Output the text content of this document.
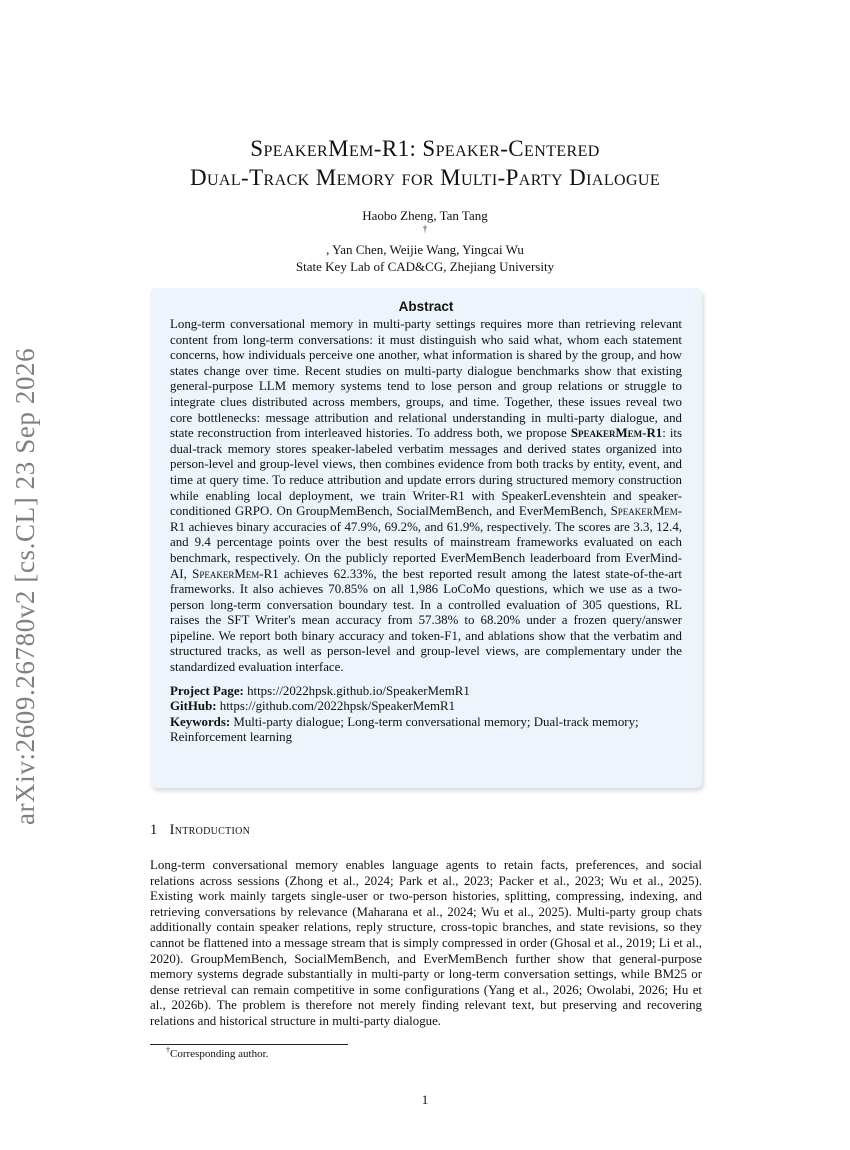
arXiv:2609.26780v2 [cs.CL] 23 Sep 2026
SpeakerMem-R1: Speaker-Centered
Dual-Track Memory for Multi-Party Dialogue
Haobo Zheng, Tan Tang
†
, Yan Chen, Weijie Wang, Yingcai Wu
State Key Lab of CAD&CG, Zhejiang University
Abstract
Long-term conversational memory in multi-party settings requires more than retrieving relevant content from long-term conversations: it must distinguish who said what, whom each statement concerns, how individuals perceive one another, what information is shared by the group, and how states change over time. Recent studies on multi-party dialogue benchmarks show that existing general-purpose LLM memory systems tend to lose person and group relations or struggle to integrate clues distributed across members, groups, and time. Together, these issues reveal two core bottlenecks: message attribution and relational understanding in multi-party dialogue, and state reconstruction from interleaved histories. To address both, we propose SpeakerMem-R1: its dual-track memory stores speaker-labeled verbatim messages and derived states organized into person-level and group-level views, then combines evidence from both tracks by entity, event, and time at query time. To reduce attribution and update errors during structured memory construction while enabling local deployment, we train Writer-R1 with SpeakerLevenshtein and speaker-conditioned GRPO. On GroupMemBench, SocialMemBench, and EverMemBench, SpeakerMem-R1 achieves binary accuracies of 47.9%, 69.2%, and 61.9%, respectively. The scores are 3.3, 12.4, and 9.4 percentage points over the best results of mainstream frameworks evaluated on each benchmark, respectively. On the publicly reported EverMemBench leaderboard from EverMind-AI, SpeakerMem-R1 achieves 62.33%, the best reported result among the latest state-of-the-art frameworks. It also achieves 70.85% on all 1,986 LoCoMo questions, which we use as a two-person long-term conversation boundary test. In a controlled evaluation of 305 questions, RL raises the SFT Writer's mean accuracy from 57.38% to 68.20% under a frozen query/answer pipeline. We report both binary accuracy and token-F1, and ablations show that the verbatim and structured tracks, as well as person-level and group-level views, are complementary under the standardized evaluation interface.
Project Page: https://2022hpsk.github.io/SpeakerMemR1
GitHub: https://github.com/2022hpsk/SpeakerMemR1
Keywords: Multi-party dialogue; Long-term conversational memory; Dual-track memory; Reinforcement learning
1 Introduction
Long-term conversational memory enables language agents to retain facts, preferences, and social relations across sessions (Zhong et al., 2024; Park et al., 2023; Packer et al., 2023; Wu et al., 2025). Existing work mainly targets single-user or two-person histories, splitting, compressing, indexing, and retrieving conversations by relevance (Maharana et al., 2024; Wu et al., 2025). Multi-party group chats additionally contain speaker relations, reply structure, cross-topic branches, and state revisions, so they cannot be flattened into a message stream that is simply compressed in order (Ghosal et al., 2019; Li et al., 2020). GroupMemBench, SocialMemBench, and EverMemBench further show that general-purpose memory systems degrade substantially in multi-party or long-term conversation settings, while BM25 or dense retrieval can remain competitive in some configurations (Yang et al., 2026; Owolabi, 2026; Hu et al., 2026b). The problem is therefore not merely finding relevant text, but preserving and recovering relations and historical structure in multi-party dialogue.
†Corresponding author.
1
